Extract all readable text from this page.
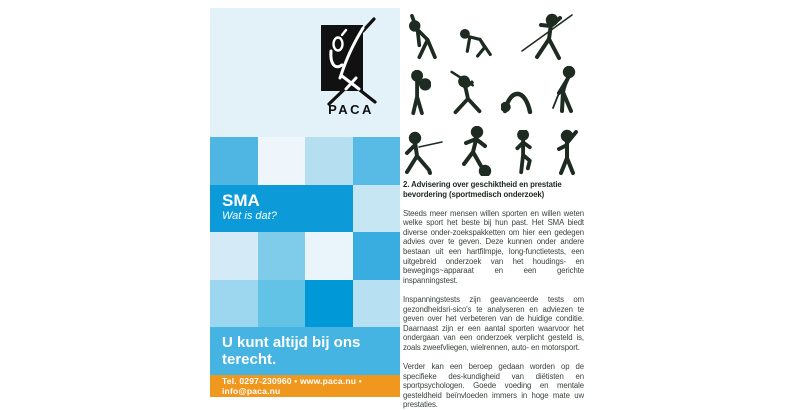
PACA
SMA
Wat is dat?
U kunt altijd bij ons terecht.
Tel. 0297-230960 • www.paca.nu • info@paca.nu
2. Advisering over geschiktheid en prestatie bevordering (sportmedisch onderzoek)

Steeds meer mensen willen sporten en willen weten welke sport het beste bij hun past. Het SMA biedt diverse onder-zoekspakketten om hier een gedegen advies over te geven. Deze kunnen onder andere bestaan uit een hartfilmpje, long-functietests, een uitgebreid onderzoek van het houdings- en bewegings~apparaat en een gerichte inspanningstest.

Inspanningstests zijn geavanceerde tests om gezondheidsri-sico's te analyseren en adviezen te geven over het verbeteren van de huidige conditie. Daarnaast zijn er een aantal sporten waarvoor het ondergaan van een onderzoek verplicht gesteld is, zoals zweefvliegen, wielrennen, auto- en motorsport.

Verder kan een beroep gedaan worden op de specifieke des-kundigheid van diëtisten en sportpsychologen. Goede voeding en mentale gesteldheid beïnvloeden immers in hoge mate uw prestaties.
